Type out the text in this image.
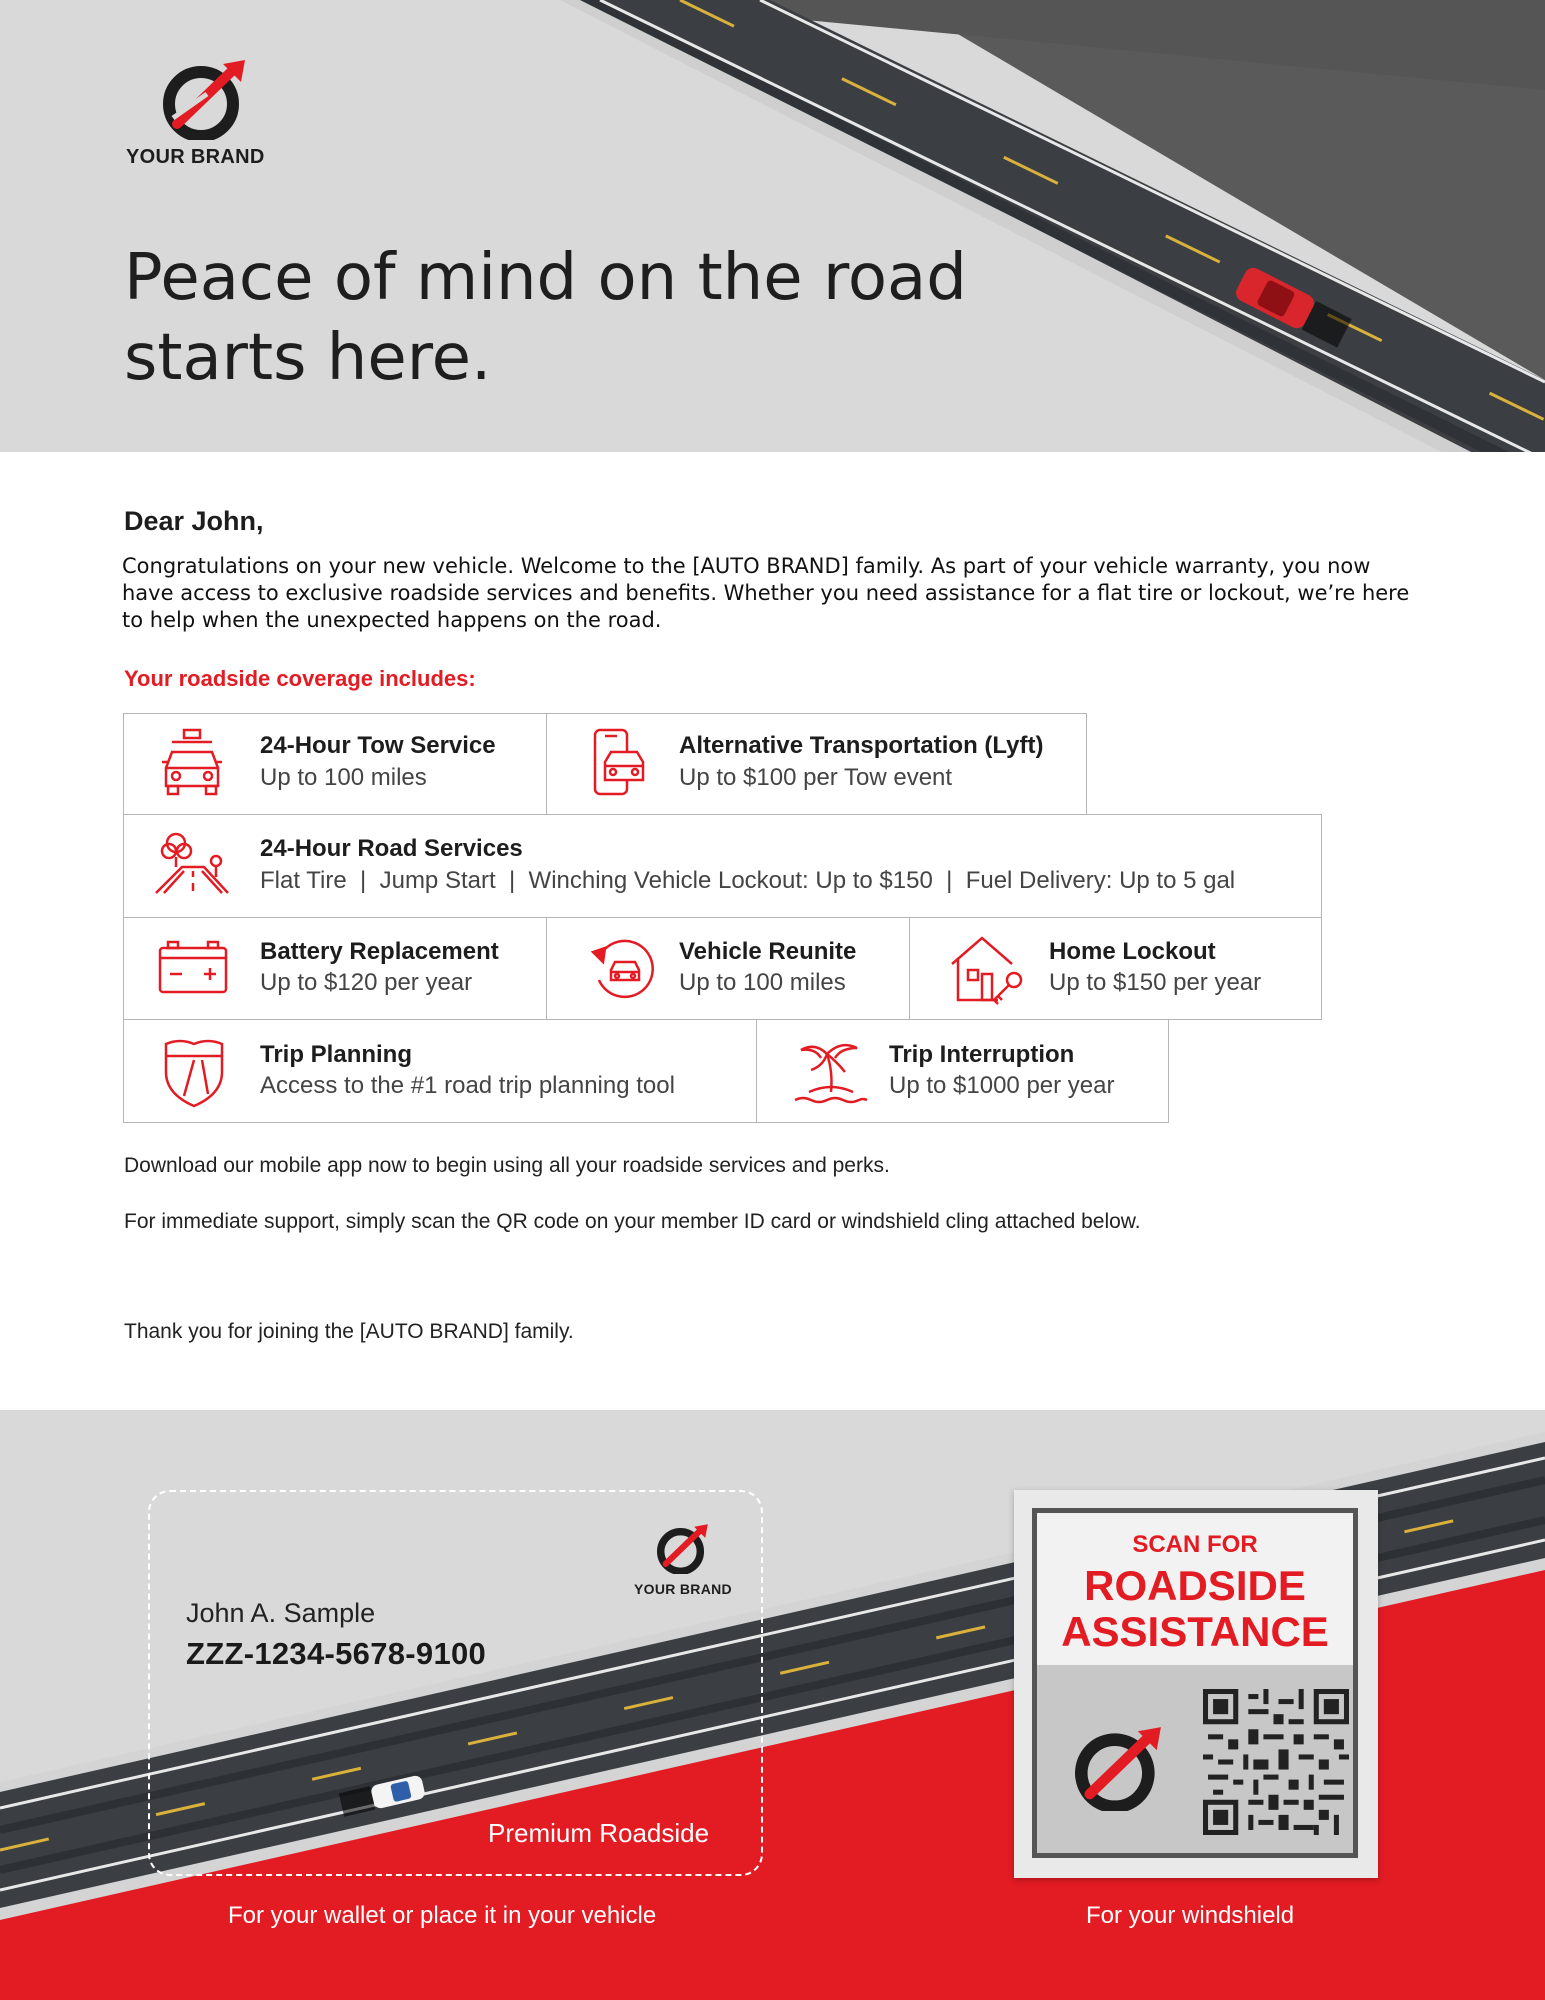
YOUR BRAND
Peace of mind on the road
starts here.
Dear John,
Congratulations on your new vehicle. Welcome to the [AUTO BRAND] family. As part of your vehicle warranty, you now have access to exclusive roadside services and benefits. Whether you need assistance for a flat tire or lockout, we’re here to help when the unexpected happens on the road.
Your roadside coverage includes:
24-Hour Tow Service
Up to 100 miles
Alternative Transportation (Lyft)
Up to $100 per Tow event
24-Hour Road Services
Flat Tire  |  Jump Start  |  Winching Vehicle Lockout: Up to $150  |  Fuel Delivery: Up to 5 gal
Battery Replacement
Up to $120 per year
Vehicle Reunite
Up to 100 miles
Home Lockout
Up to $150 per year
Trip Planning
Access to the #1 road trip planning tool
Trip Interruption
Up to $1000 per year
Download our mobile app now to begin using all your roadside services and perks.
For immediate support, simply scan the QR code on your member ID card or windshield cling attached below.
Thank you for joining the [AUTO BRAND] family.
YOUR BRAND
John A. Sample
ZZZ-1234-5678-9100
Premium Roadside
For your wallet or place it in your vehicle
SCAN FOR
ROADSIDE
ASSISTANCE
For your windshield
